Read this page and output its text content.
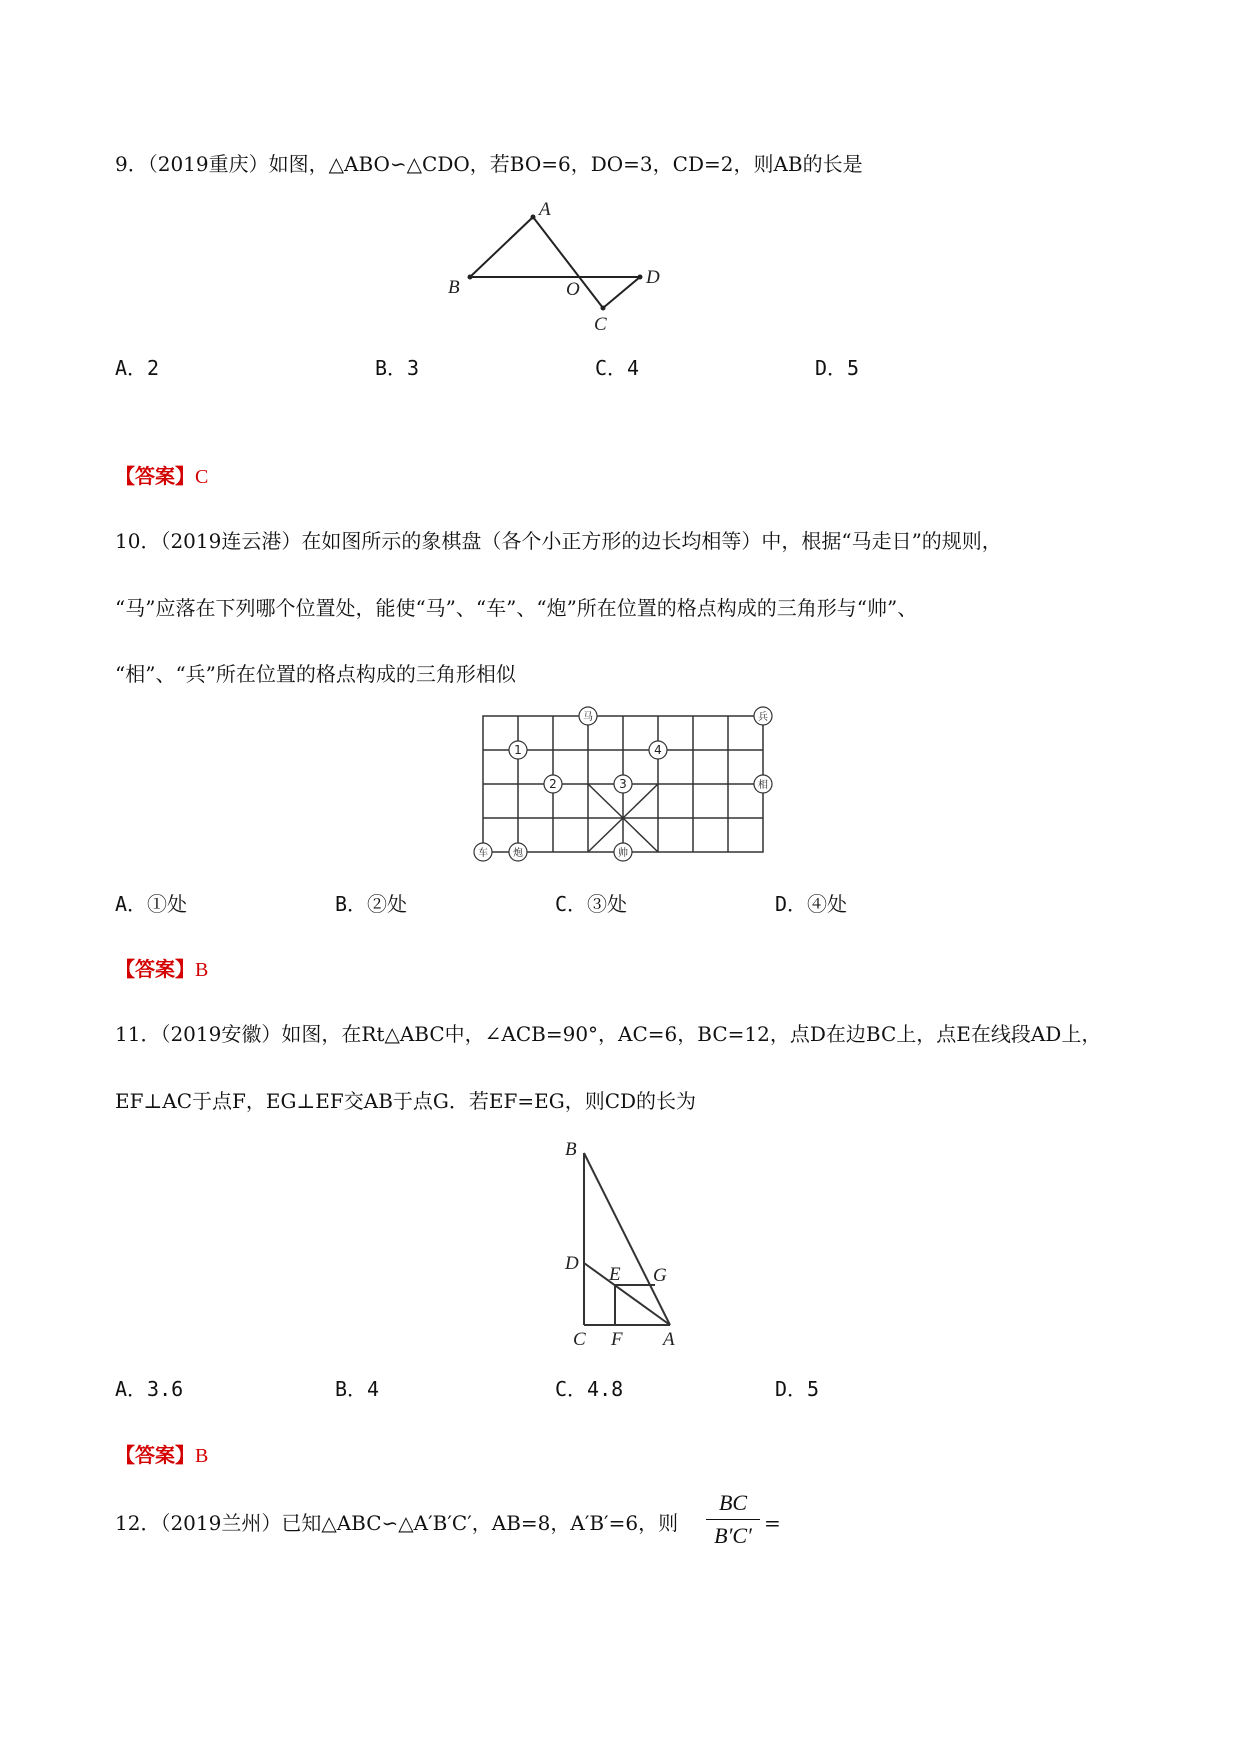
9．（2019重庆）如图，△ABO∽△CDO，若BO=6，DO=3，CD=2，则AB的长是

A
B	O
D
C
A．2	B．3	C．4	D．5
【答案】C

10．（2019连云港）在如图所示的象棋盘（各个小正方形的边长均相等）中，根据“马走日”的规则，

“马”应落在下列哪个位置处，能使“马”、“车”、“炮”所在位置的格点构成的三角形与“帅”、

“相”、“兵”所在位置的格点构成的三角形相似

马	兵
相
车	炮	帅
1
2	3
4
A．①处	B．②处	C．③处	D．④处
【答案】B

11．（2019安徽）如图，在Rt△ABC中，∠ACB=90°，AC=6，BC=12，点D在边BC上，点E在线段AD上，

EF⊥AC于点F，EG⊥EF交AB于点G．若EF=EG，则CD的长为

B
D
E G
C F A
A．3.6	B．4	C．4.8	D．5
【答案】B

12．（2019兰州）已知△ABC∽△A′B′C′，AB=8，A′B′=6，则

BC
B′C′ =
